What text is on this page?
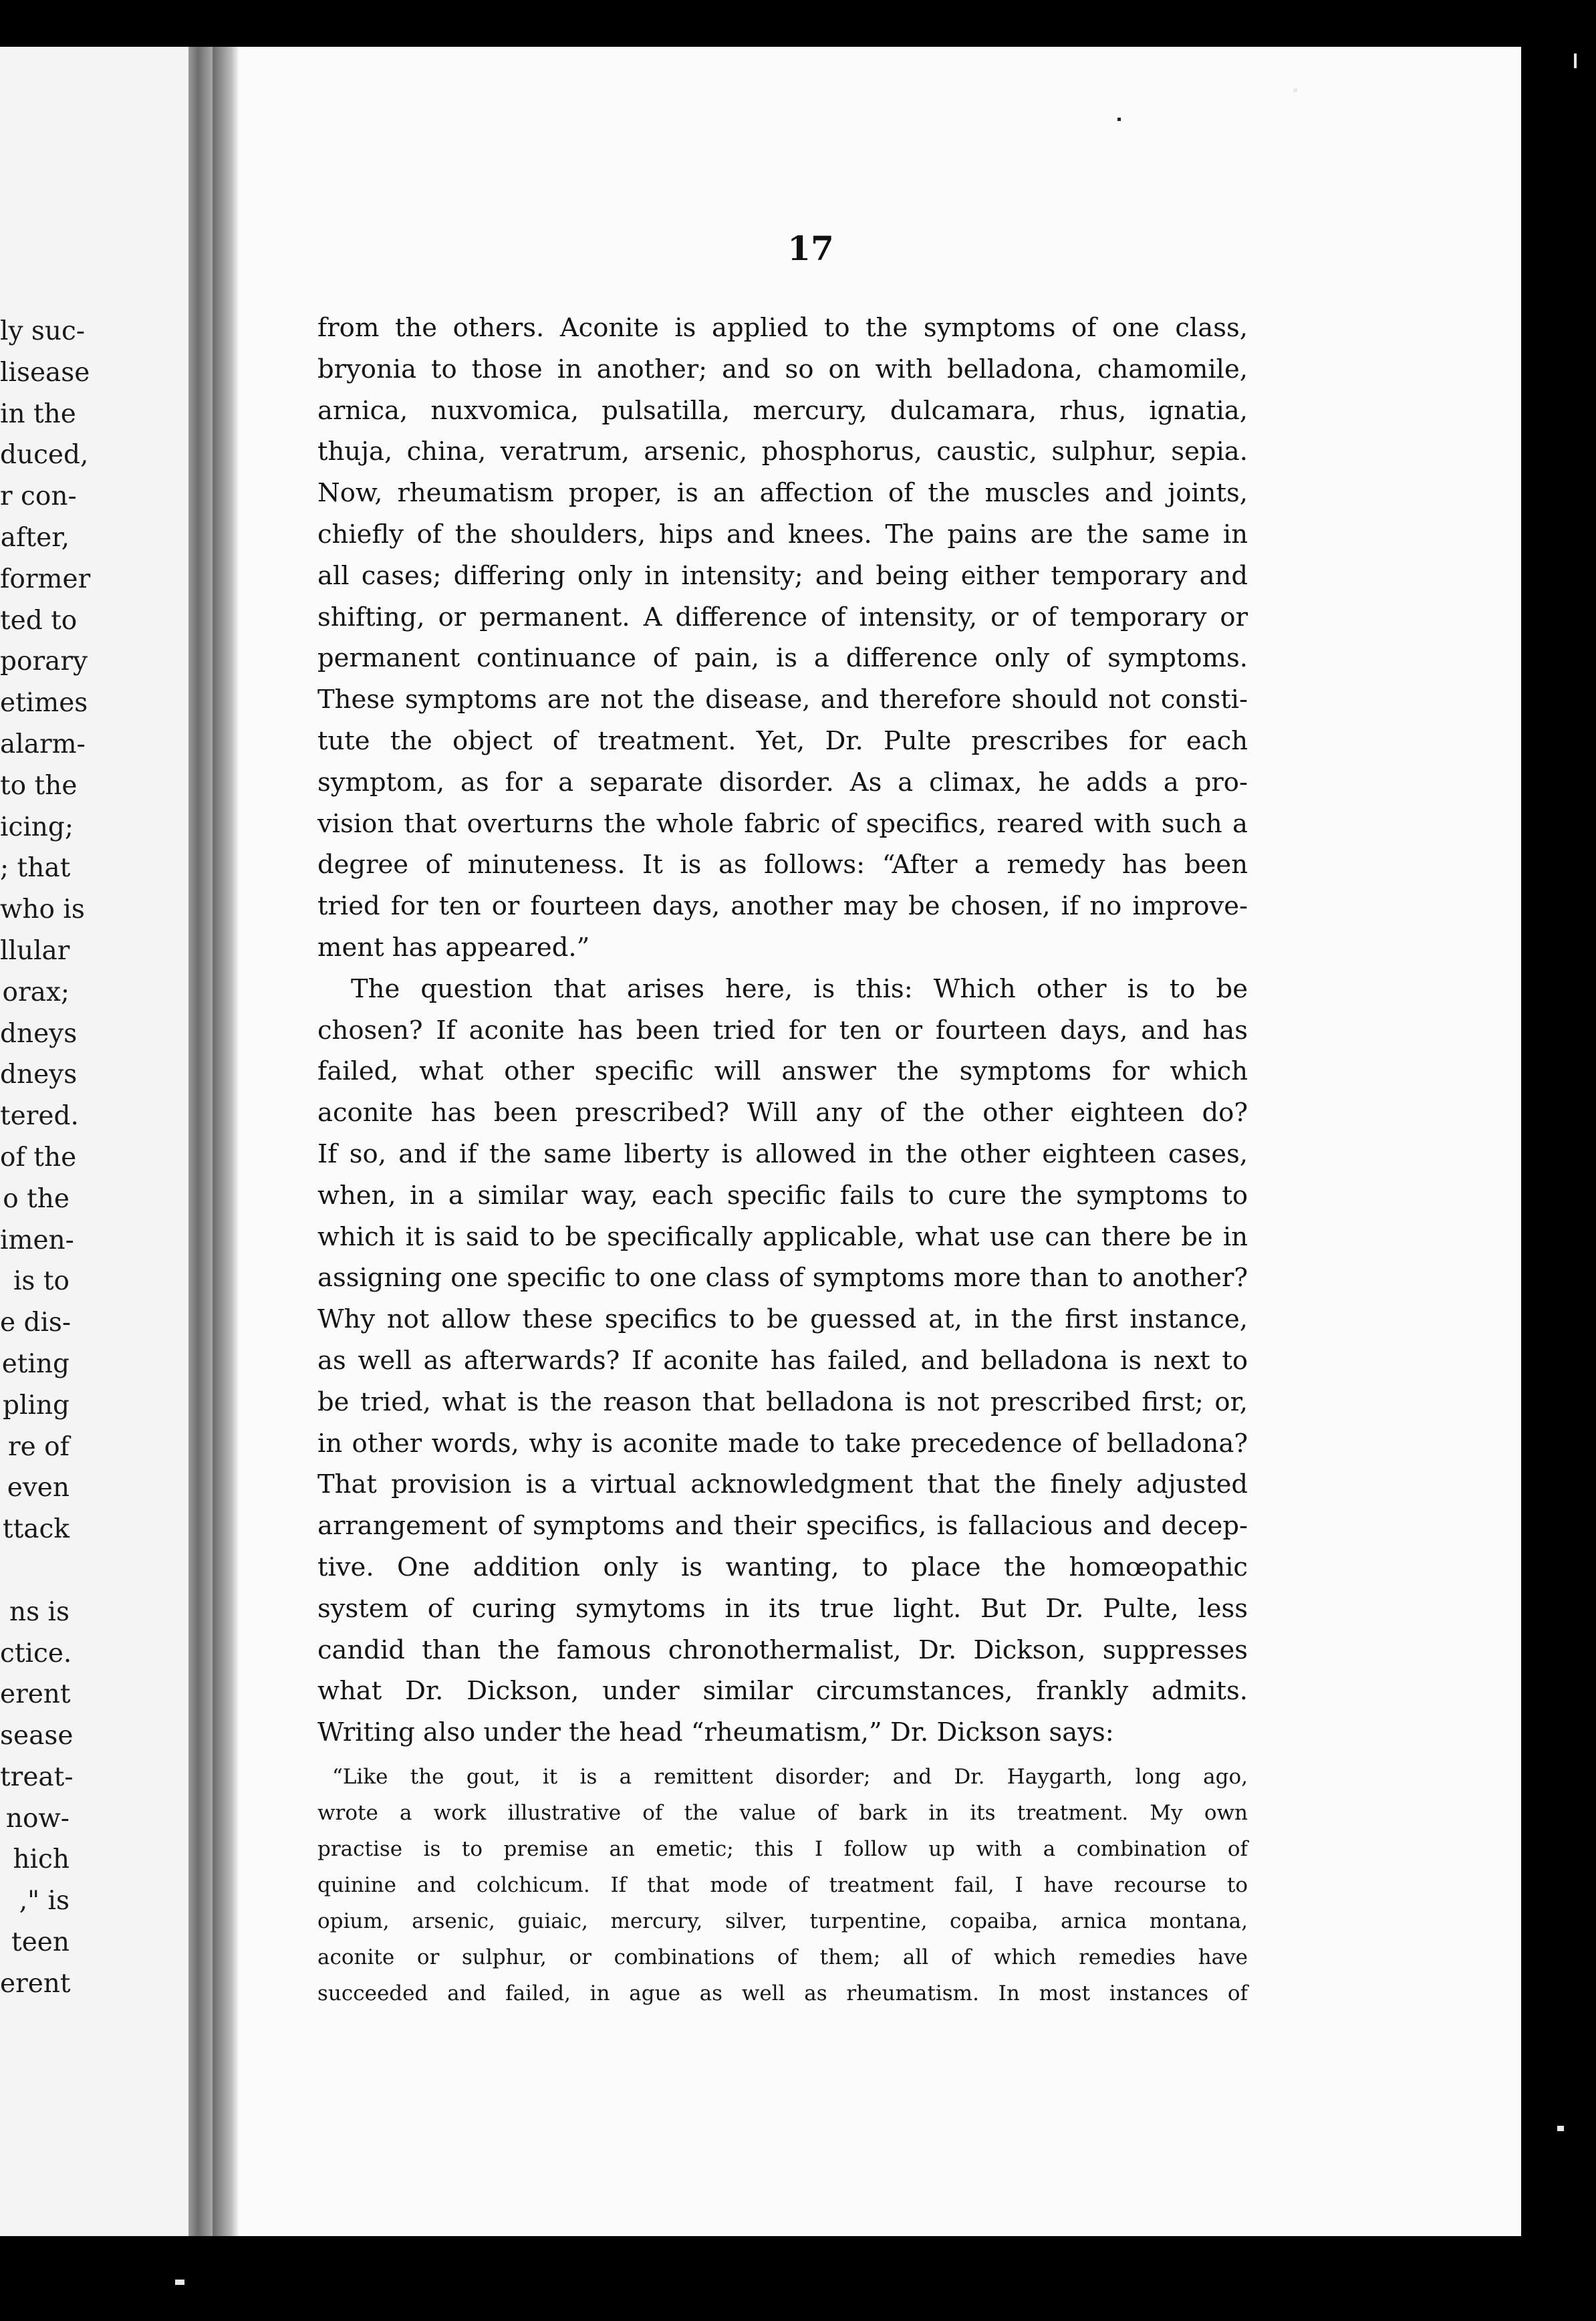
ly suc-
lisease
in the
duced,
r con-
after,
former
ted to
porary
etimes
alarm-
to the
icing;
; that
who is
llular
orax;
dneys
dneys
tered.
of the
o the
imen-
is to
e dis-
eting
pling
re of
even
ttack
ns is
ctice.
erent
sease
treat-
now-
hich
," is
teen
erent
17
from the others. Aconite is applied to the symptoms of one class,
bryonia to those in another; and so on with belladona, chamomile,
arnica, nuxvomica, pulsatilla, mercury, dulcamara, rhus, ignatia,
thuja, china, veratrum, arsenic, phosphorus, caustic, sulphur, sepia.
Now, rheumatism proper, is an affection of the muscles and joints,
chiefly of the shoulders, hips and knees. The pains are the same in
all cases; differing only in intensity; and being either temporary and
shifting, or permanent. A difference of intensity, or of temporary or
permanent continuance of pain, is a difference only of symptoms.
These symptoms are not the disease, and therefore should not consti-
tute the object of treatment. Yet, Dr. Pulte prescribes for each
symptom, as for a separate disorder. As a climax, he adds a pro-
vision that overturns the whole fabric of specifics, reared with such a
degree of minuteness. It is as follows: “After a remedy has been
tried for ten or fourteen days, another may be chosen, if no improve-
ment has appeared.”
The question that arises here, is this: Which other is to be
chosen? If aconite has been tried for ten or fourteen days, and has
failed, what other specific will answer the symptoms for which
aconite has been prescribed? Will any of the other eighteen do?
If so, and if the same liberty is allowed in the other eighteen cases,
when, in a similar way, each specific fails to cure the symptoms to
which it is said to be specifically applicable, what use can there be in
assigning one specific to one class of symptoms more than to another?
Why not allow these specifics to be guessed at, in the first instance,
as well as afterwards? If aconite has failed, and belladona is next to
be tried, what is the reason that belladona is not prescribed first; or,
in other words, why is aconite made to take precedence of belladona?
That provision is a virtual acknowledgment that the finely adjusted
arrangement of symptoms and their specifics, is fallacious and decep-
tive. One addition only is wanting, to place the homœopathic
system of curing symytoms in its true light. But Dr. Pulte, less
candid than the famous chronothermalist, Dr. Dickson, suppresses
what Dr. Dickson, under similar circumstances, frankly admits.
Writing also under the head “rheumatism,” Dr. Dickson says:
“Like the gout, it is a remittent disorder; and Dr. Haygarth, long ago,
wrote a work illustrative of the value of bark in its treatment. My own
practise is to premise an emetic; this I follow up with a combination of
quinine and colchicum. If that mode of treatment fail, I have recourse to
opium, arsenic, guiaic, mercury, silver, turpentine, copaiba, arnica montana,
aconite or sulphur, or combinations of them; all of which remedies have
succeeded and failed, in ague as well as rheumatism. In most instances of
